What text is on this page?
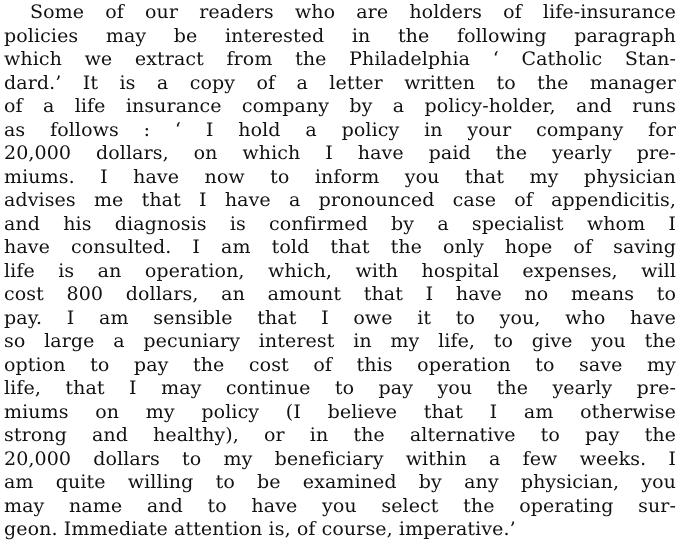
Some of our readers who are holders of life-insurance
policies may be interested in the following paragraph
which we extract from the Philadelphia ‘ Catholic Stan-
dard.’ It is a copy of a letter written to the manager
of a life insurance company by a policy-holder, and runs
as follows : ‘ I hold a policy in your company for
20,000 dollars, on which I have paid the yearly pre-
miums. I have now to inform you that my physician
advises me that I have a pronounced case of appendicitis,
and his diagnosis is confirmed by a specialist whom I
have consulted. I am told that the only hope of saving
life is an operation, which, with hospital expenses, will
cost 800 dollars, an amount that I have no means to
pay. I am sensible that I owe it to you, who have
so large a pecuniary interest in my life, to give you the
option to pay the cost of this operation to save my
life, that I may continue to pay you the yearly pre-
miums on my policy (I believe that I am otherwise
strong and healthy), or in the alternative to pay the
20,000 dollars to my beneficiary within a few weeks. I
am quite willing to be examined by any physician, you
may name and to have you select the operating sur-
geon. Immediate attention is, of course, imperative.’
